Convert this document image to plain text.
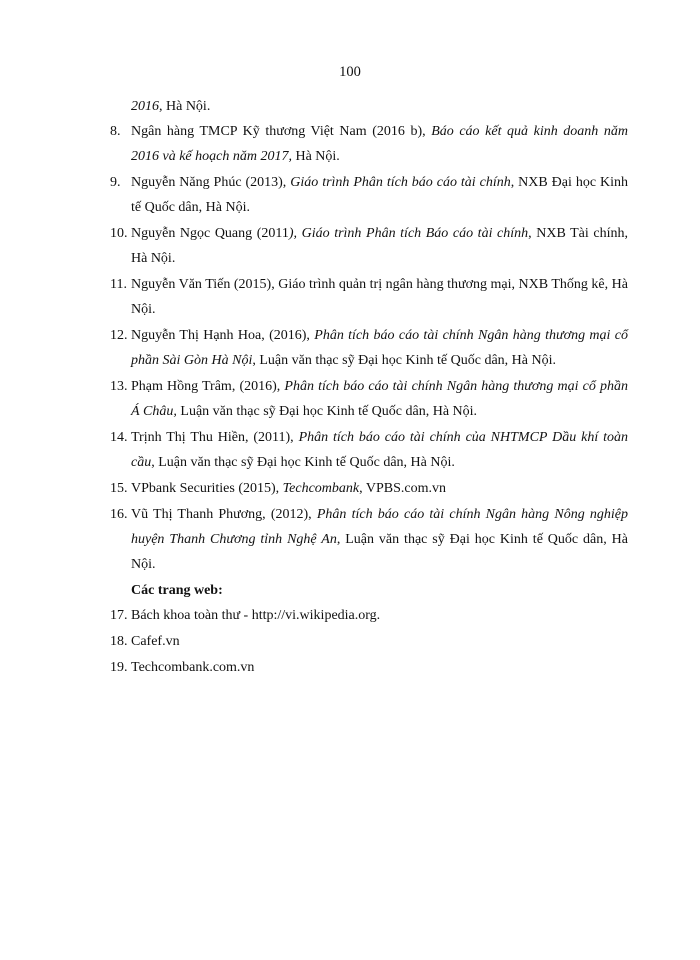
100
2016, Hà Nội.
8. Ngân hàng TMCP Kỹ thương Việt Nam (2016 b), Báo cáo kết quả kinh doanh năm 2016 và kế hoạch năm 2017, Hà Nội.
9. Nguyễn Năng Phúc (2013), Giáo trình Phân tích báo cáo tài chính, NXB Đại học Kinh tế Quốc dân, Hà Nội.
10. Nguyễn Ngọc Quang (2011), Giáo trình Phân tích Báo cáo tài chính, NXB Tài chính, Hà Nội.
11. Nguyễn Văn Tiến (2015), Giáo trình quản trị ngân hàng thương mại, NXB Thống kê, Hà Nội.
12. Nguyễn Thị Hạnh Hoa, (2016), Phân tích báo cáo tài chính Ngân hàng thương mại cổ phần Sài Gòn Hà Nội, Luận văn thạc sỹ Đại học Kinh tế Quốc dân, Hà Nội.
13. Phạm Hồng Trâm, (2016), Phân tích báo cáo tài chính Ngân hàng thương mại cổ phần Á Châu, Luận văn thạc sỹ Đại học Kinh tế Quốc dân, Hà Nội.
14. Trịnh Thị Thu Hiền, (2011), Phân tích báo cáo tài chính của NHTMCP Dầu khí toàn cầu, Luận văn thạc sỹ Đại học Kinh tế Quốc dân, Hà Nội.
15. VPbank Securities (2015), Techcombank, VPBS.com.vn
16. Vũ Thị Thanh Phương, (2012), Phân tích báo cáo tài chính Ngân hàng Nông nghiệp huyện Thanh Chương tỉnh Nghệ An, Luận văn thạc sỹ Đại học Kinh tế Quốc dân, Hà Nội.
Các trang web:
17. Bách khoa toàn thư - http://vi.wikipedia.org.
18. Cafef.vn
19. Techcombank.com.vn
